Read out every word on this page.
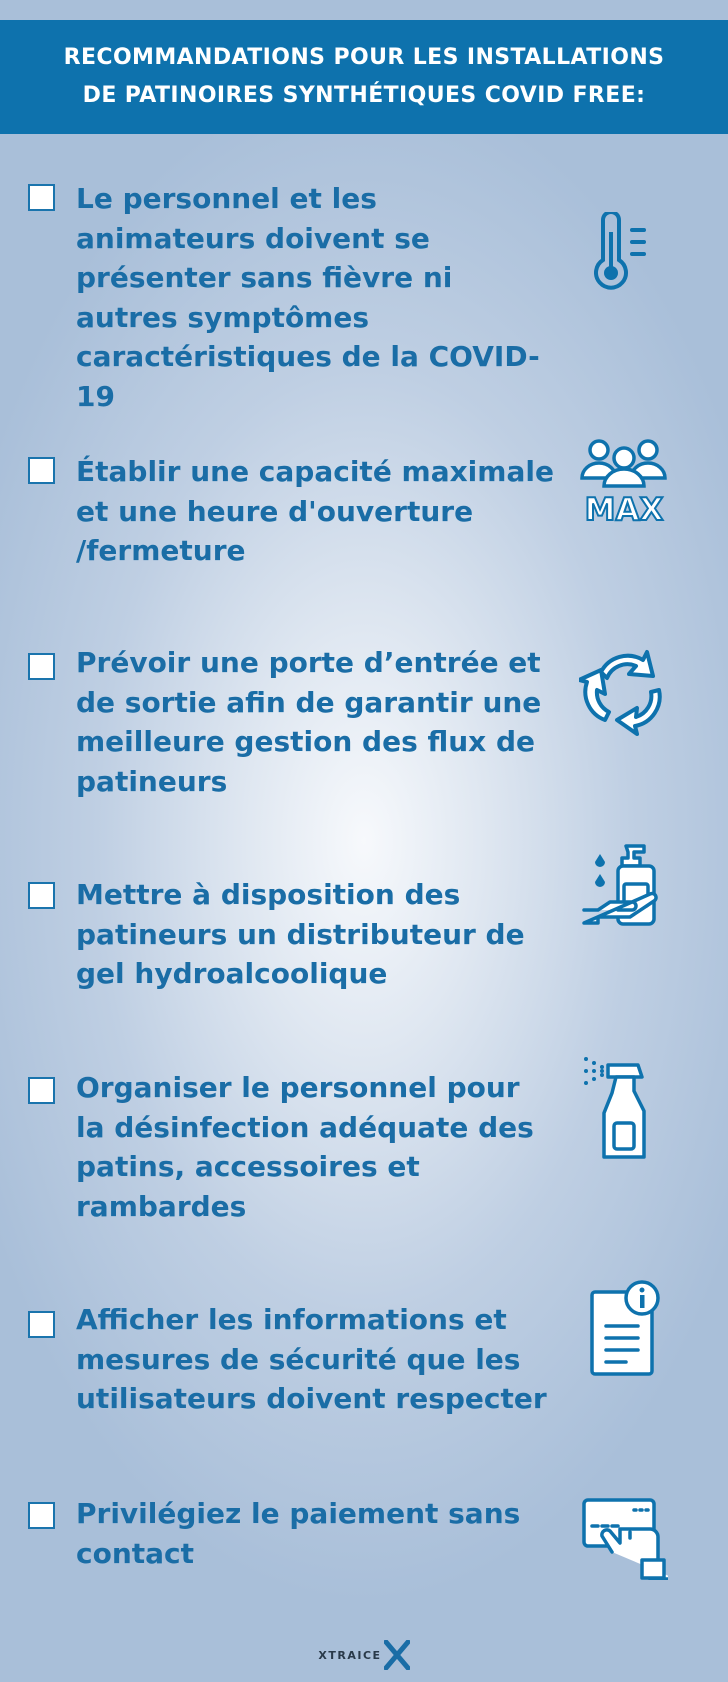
RECOMMANDATIONS POUR LES INSTALLATIONS
DE PATINOIRES SYNTHÉTIQUES COVID FREE:
Le personnel et les animateurs doivent se présenter sans fièvre ni autres symptômes caractéristiques de la COVID-19
Établir une capacité maximale et une heure d'ouverture /fermeture
MAX
Prévoir une porte d’entrée et de sortie afin de garantir une meilleure gestion des flux de patineurs
Mettre à disposition des patineurs un distributeur de gel hydroalcoolique
Organiser le personnel pour la désinfection adéquate des patins, accessoires et rambardes
Afficher les informations et mesures de sécurité que les utilisateurs doivent respecter
Privilégiez le paiement sans contact
XTRAICE
